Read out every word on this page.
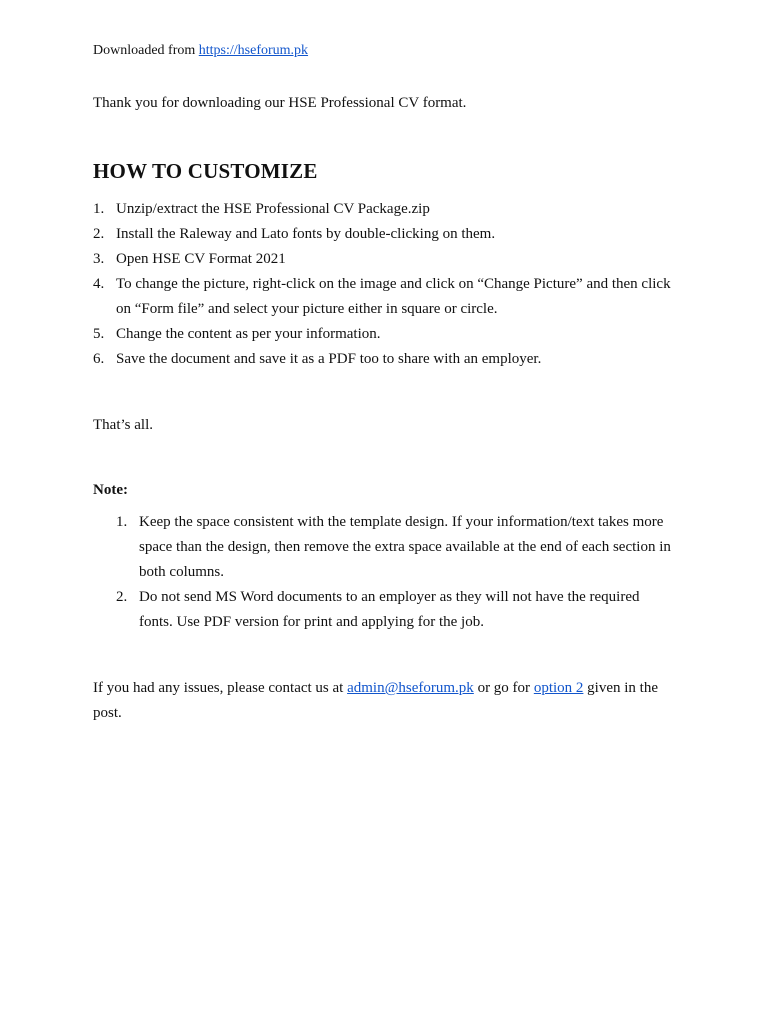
Downloaded from https://hseforum.pk
Thank you for downloading our HSE Professional CV format.
HOW TO CUSTOMIZE
1. Unzip/extract the HSE Professional CV Package.zip
2. Install the Raleway and Lato fonts by double-clicking on them.
3. Open HSE CV Format 2021
4. To change the picture, right-click on the image and click on “Change Picture” and then click on “Form file” and select your picture either in square or circle.
5. Change the content as per your information.
6. Save the document and save it as a PDF too to share with an employer.
That’s all.
Note:
1. Keep the space consistent with the template design. If your information/text takes more space than the design, then remove the extra space available at the end of each section in both columns.
2. Do not send MS Word documents to an employer as they will not have the required fonts. Use PDF version for print and applying for the job.
If you had any issues, please contact us at admin@hseforum.pk or go for option 2 given in the post.
